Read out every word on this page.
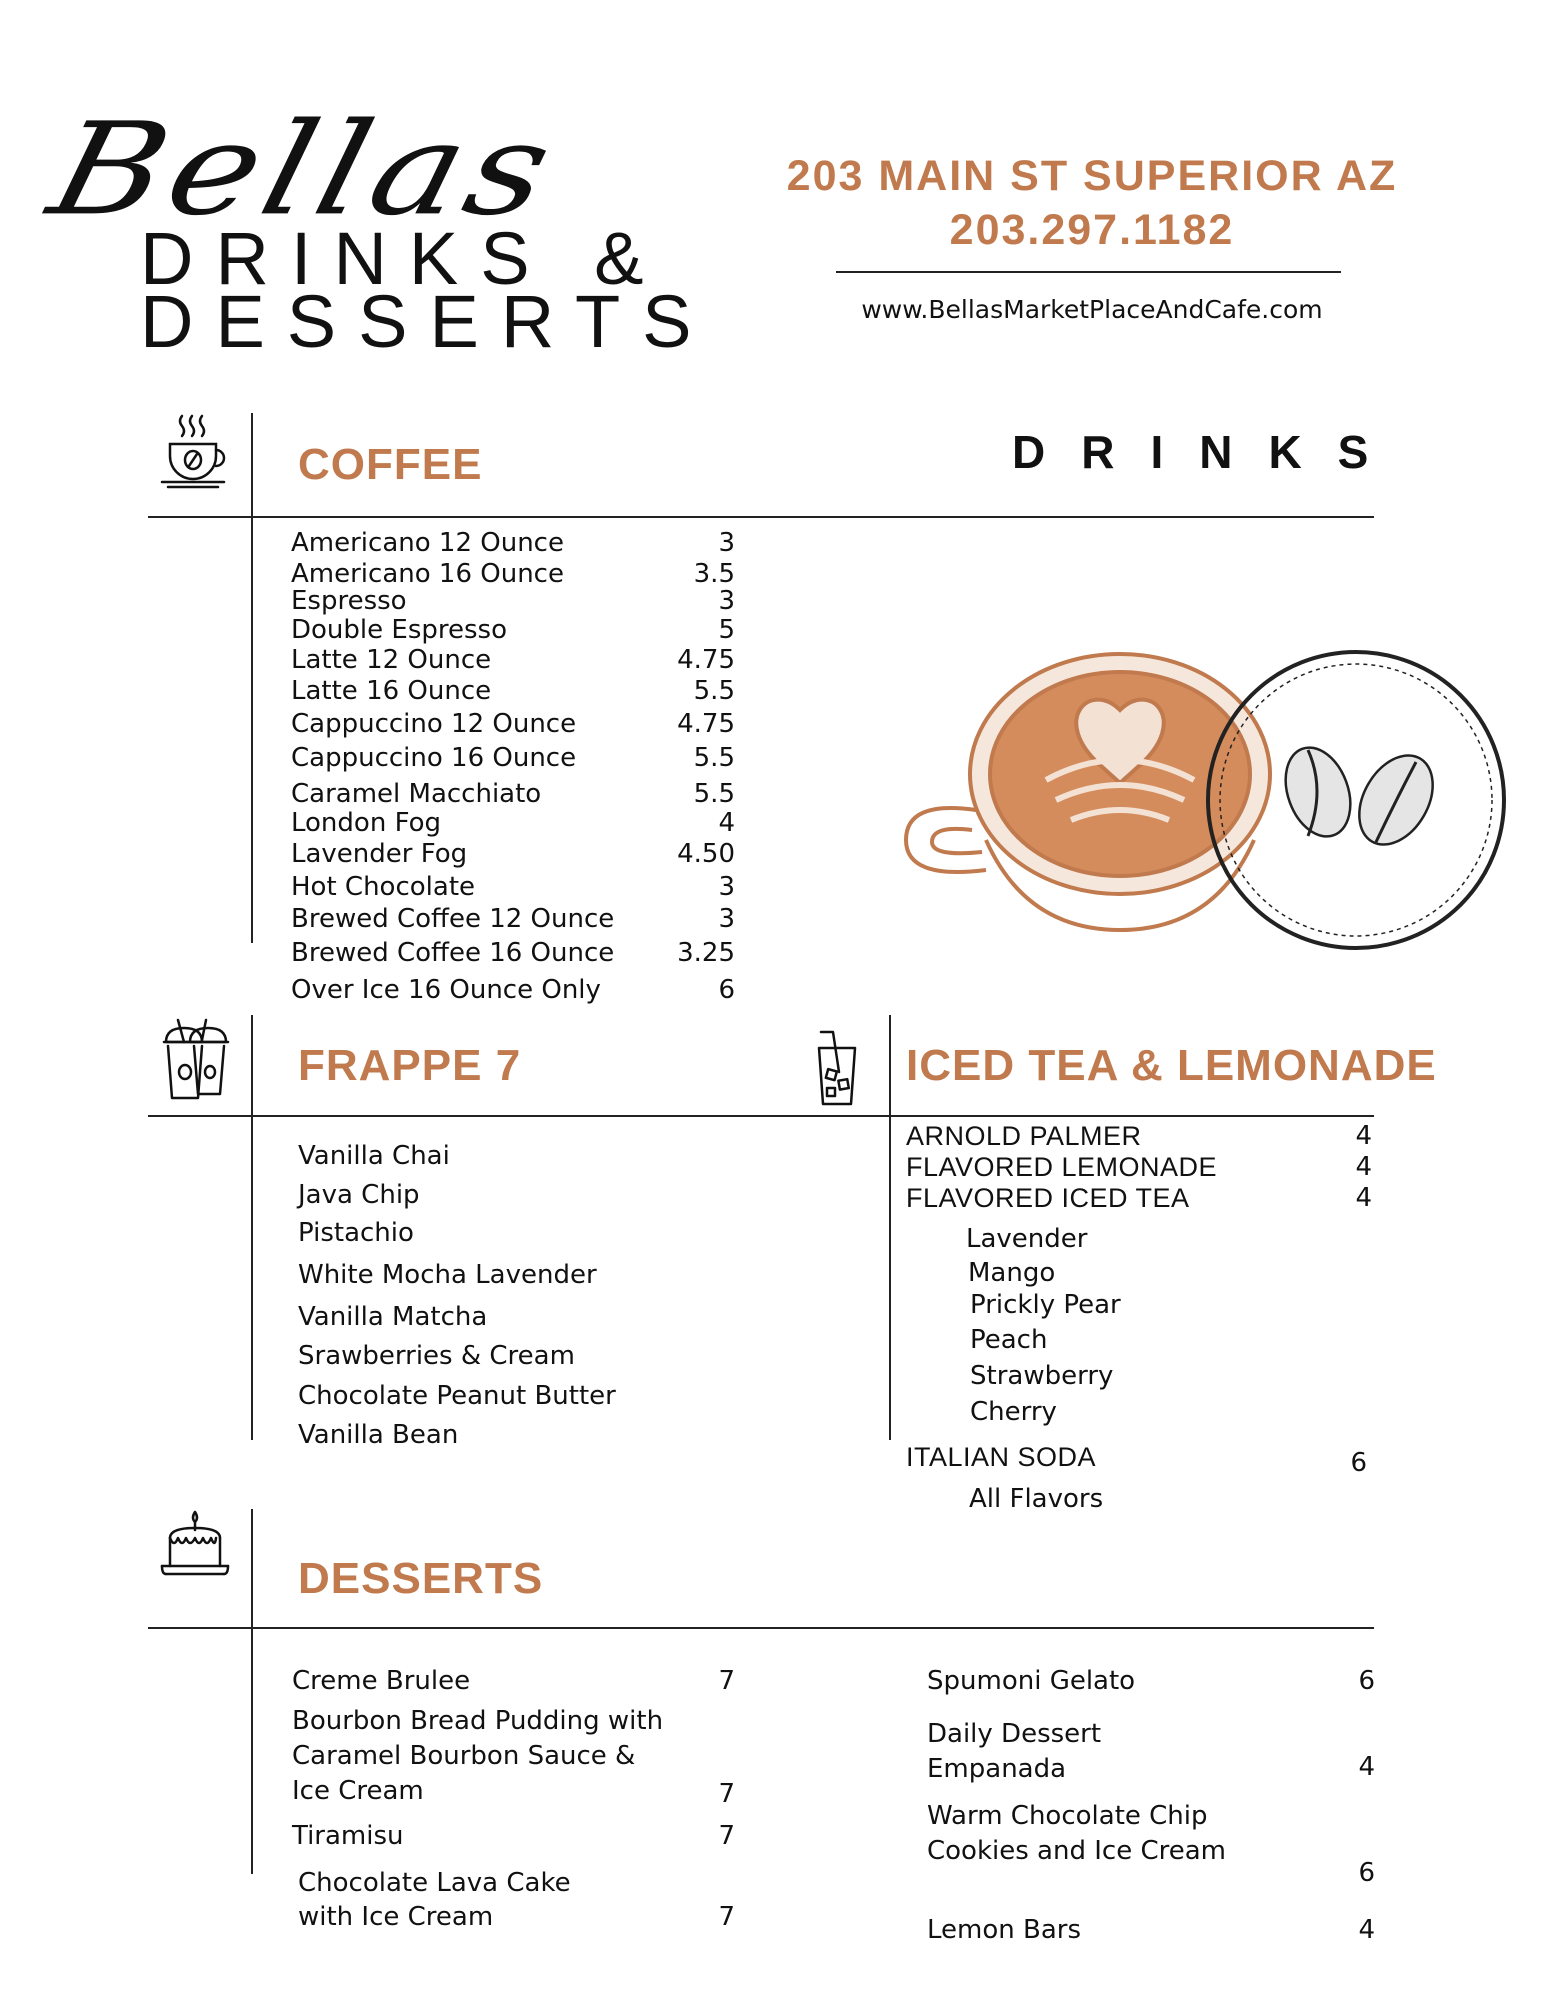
Bellas
DRINKS &
DESSERTS
203 MAIN ST SUPERIOR AZ
203.297.1182
www.BellasMarketPlaceAndCafe.com
COFFEE	DRINKS
Americano 12 Ounce	3
Americano 16 Ounce	3.5
Espresso	3
Double Espresso	5
Latte 12 Ounce	4.75
Latte 16 Ounce	5.5
Cappuccino 12 Ounce	4.75
Cappuccino 16 Ounce	5.5
Caramel Macchiato	5.5
London Fog	4
Lavender Fog	4.50
Hot Chocolate	3
Brewed Coffee 12 Ounce	3
Brewed Coffee 16 Ounce	3.25
Over Ice 16 Ounce Only	6
FRAPPE 7	ICED TEA & LEMONADE
Vanilla Chai
Java Chip
Pistachio
White Mocha Lavender
Vanilla Matcha
Srawberries & Cream
Chocolate Peanut Butter
Vanilla Bean
ARNOLD PALMER	4
FLAVORED LEMONADE	4
FLAVORED ICED TEA	4
Lavender
Mango
Prickly Pear
Peach
Strawberry
Cherry
ITALIAN SODA	6
All Flavors
DESSERTS
Creme Brulee	7
Bourbon Bread Pudding with
Caramel Bourbon Sauce &
Ice Cream	7
Tiramisu	7
Chocolate Lava Cake
with Ice Cream	7
Spumoni Gelato	6
Daily Dessert
Empanada	4
Warm Chocolate Chip
Cookies and Ice Cream
6
Lemon Bars	4
